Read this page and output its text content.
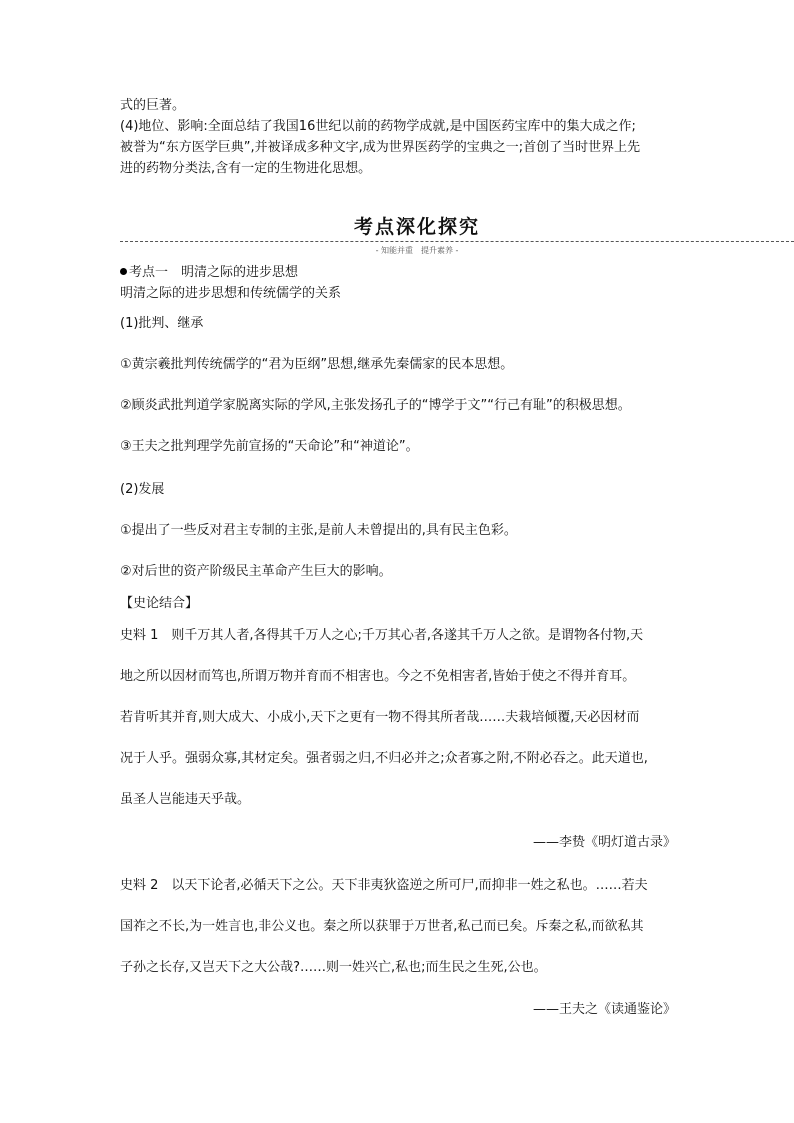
式的巨著。
(4)地位、影响:全面总结了我国16世纪以前的药物学成就,是中国医药宝库中的集大成之作;
被誉为“东方医学巨典”,并被译成多种文字,成为世界医药学的宝典之一;首创了当时世界上先
进的药物分类法,含有一定的生物进化思想。
考点深化探究
- 知能并重　提升素养 -
考点一　明清之际的进步思想
明清之际的进步思想和传统儒学的关系
(1)批判、继承
①黄宗羲批判传统儒学的“君为臣纲”思想,继承先秦儒家的民本思想。
②顾炎武批判道学家脱离实际的学风,主张发扬孔子的“博学于文”“行己有耻”的积极思想。
③王夫之批判理学先前宣扬的“天命论”和“神道论”。
(2)发展
①提出了一些反对君主专制的主张,是前人未曾提出的,具有民主色彩。
②对后世的资产阶级民主革命产生巨大的影响。
【史论结合】
史料 1　则千万其人者,各得其千万人之心;千万其心者,各遂其千万人之欲。是谓物各付物,天
地之所以因材而笃也,所谓万物并育而不相害也。今之不免相害者,皆始于使之不得并育耳。
若肯听其并育,则大成大、小成小,天下之更有一物不得其所者哉……夫栽培倾覆,天必因材而
况于人乎。强弱众寡,其材定矣。强者弱之归,不归必并之;众者寡之附,不附必吞之。此天道也,
虽圣人岂能违天乎哉。
——李贽《明灯道古录》
史料 2　以天下论者,必循天下之公。天下非夷狄盗逆之所可尸,而抑非一姓之私也。……若夫
国祚之不长,为一姓言也,非公义也。秦之所以获罪于万世者,私己而已矣。斥秦之私,而欲私其
子孙之长存,又岂天下之大公哉?……则一姓兴亡,私也;而生民之生死,公也。
——王夫之《读通鉴论》
